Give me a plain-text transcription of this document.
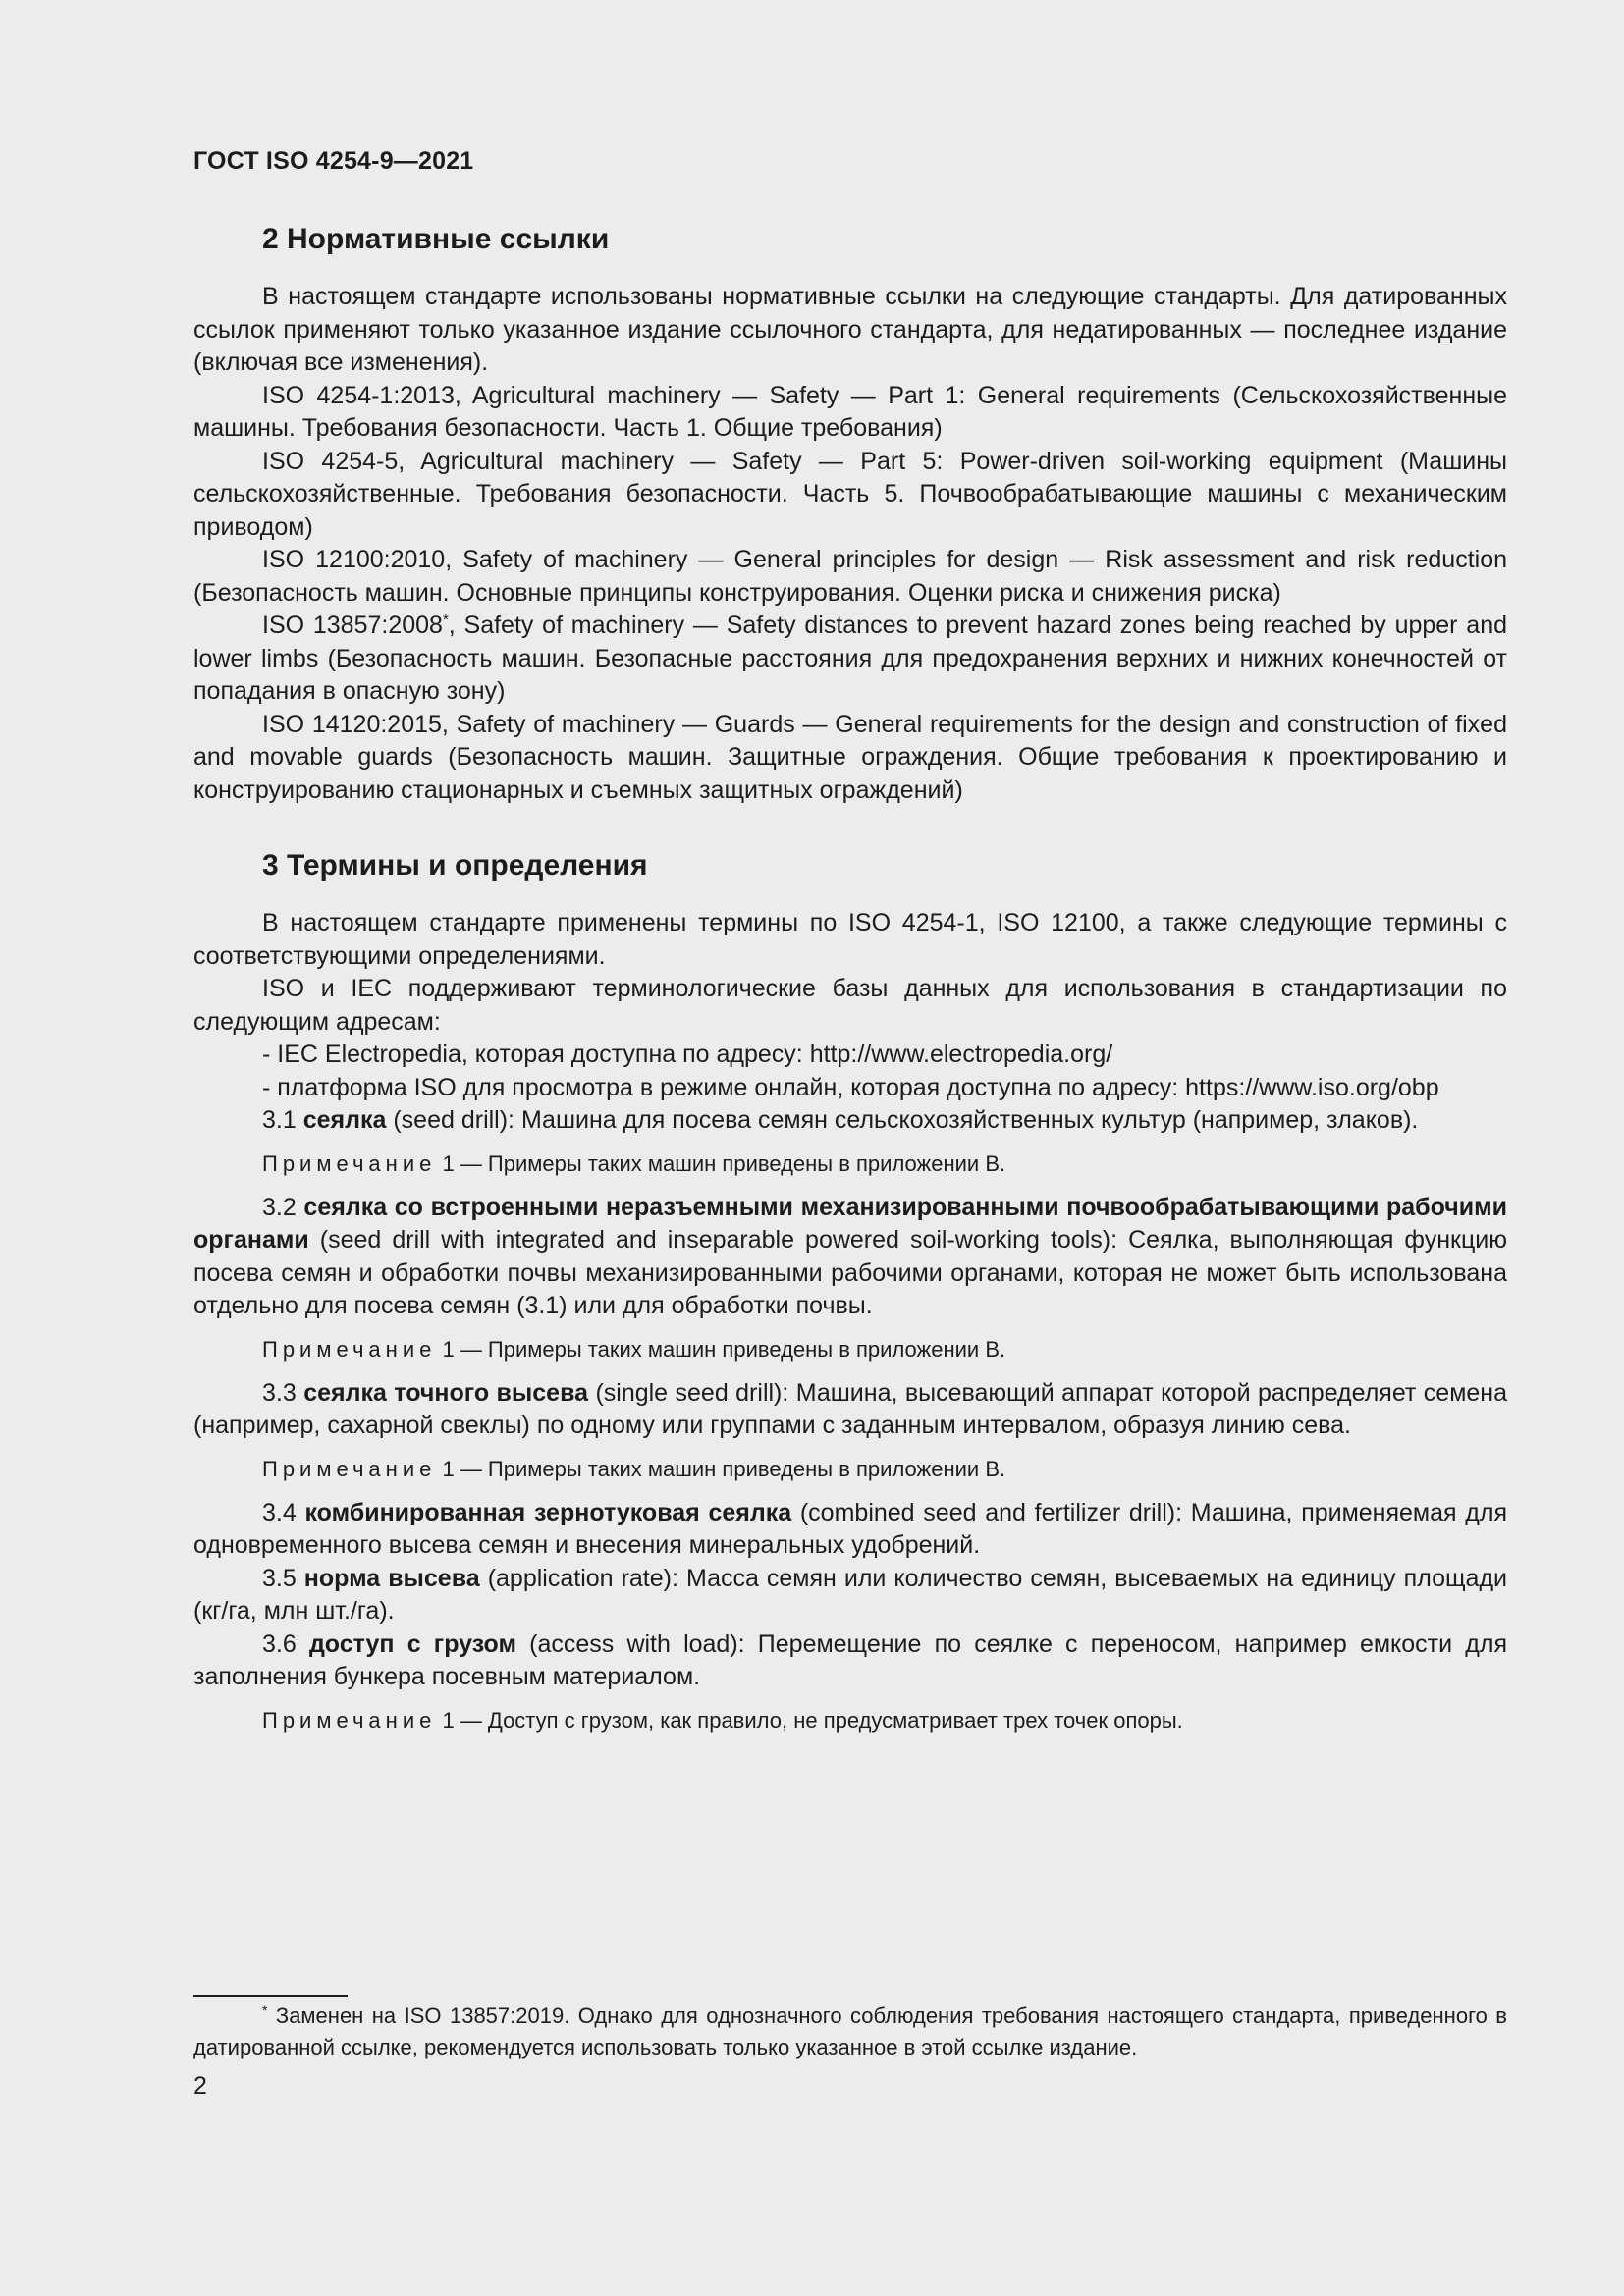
ГОСТ ISO 4254-9—2021
2 Нормативные ссылки

В настоящем стандарте использованы нормативные ссылки на следующие стандарты. Для датированных ссылок применяют только указанное издание ссылочного стандарта, для недатированных — последнее издание (включая все изменения).

ISO 4254-1:2013, Agricultural machinery — Safety — Part 1: General requirements (Сельскохозяйственные машины. Требования безопасности. Часть 1. Общие требования)

ISO 4254-5, Agricultural machinery — Safety — Part 5: Power-driven soil-working equipment (Машины сельскохозяйственные. Требования безопасности. Часть 5. Почвообрабатывающие машины с механическим приводом)

ISO 12100:2010, Safety of machinery — General principles for design — Risk assessment and risk reduction (Безопасность машин. Основные принципы конструирования. Оценки риска и снижения риска)

ISO 13857:2008*, Safety of machinery — Safety distances to prevent hazard zones being reached by upper and lower limbs (Безопасность машин. Безопасные расстояния для предохранения верхних и нижних конечностей от попадания в опасную зону)

ISO 14120:2015, Safety of machinery — Guards — General requirements for the design and construction of fixed and movable guards (Безопасность машин. Защитные ограждения. Общие требования к проектированию и конструированию стационарных и съемных защитных ограждений)

3 Термины и определения

В настоящем стандарте применены термины по ISO 4254-1, ISO 12100, а также следующие термины с соответствующими определениями.

ISO и IEC поддерживают терминологические базы данных для использования в стандартизации по следующим адресам:

- IEC Electropedia, которая доступна по адресу: http://www.electropedia.org/

- платформа ISO для просмотра в режиме онлайн, которая доступна по адресу: https://www.iso.org/obp

3.1 сеялка (seed drill): Машина для посева семян сельскохозяйственных культур (например, злаков).

Примечание 1 — Примеры таких машин приведены в приложении В.

3.2 сеялка со встроенными неразъемными механизированными почвообрабатывающими рабочими органами (seed drill with integrated and inseparable powered soil-working tools): Сеялка, выполняющая функцию посева семян и обработки почвы механизированными рабочими органами, которая не может быть использована отдельно для посева семян (3.1) или для обработки почвы.

Примечание 1 — Примеры таких машин приведены в приложении В.

3.3 сеялка точного высева (single seed drill): Машина, высевающий аппарат которой распределяет семена (например, сахарной свеклы) по одному или группами с заданным интервалом, образуя линию сева.

Примечание 1 — Примеры таких машин приведены в приложении В.

3.4 комбинированная зернотуковая сеялка (combined seed and fertilizer drill): Машина, применяемая для одновременного высева семян и внесения минеральных удобрений.

3.5 норма высева (application rate): Масса семян или количество семян, высеваемых на единицу площади (кг/га, млн шт./га).

3.6 доступ с грузом (access with load): Перемещение по сеялке с переносом, например емкости для заполнения бункера посевным материалом.

Примечание 1 — Доступ с грузом, как правило, не предусматривает трех точек опоры.

* Заменен на ISO 13857:2019. Однако для однозначного соблюдения требования настоящего стандарта, приведенного в датированной ссылке, рекомендуется использовать только указанное в этой ссылке издание.
2
